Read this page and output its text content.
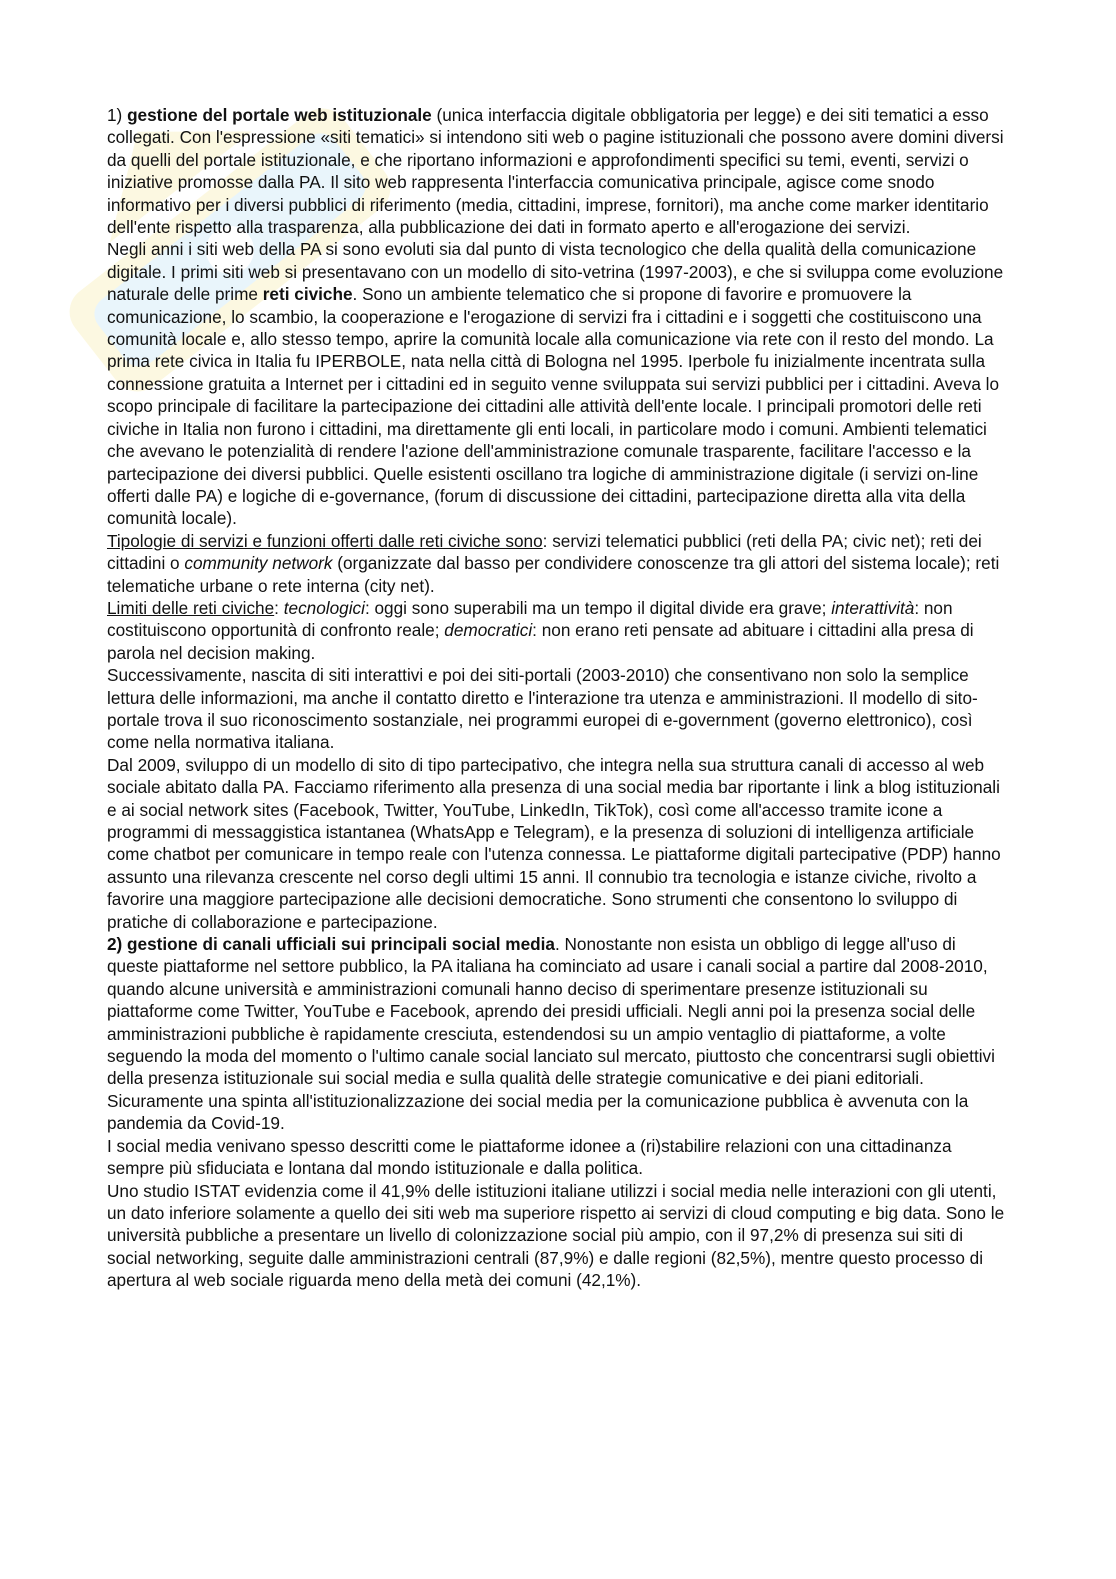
1) gestione del portale web istituzionale (unica interfaccia digitale obbligatoria per legge) e dei siti tematici a esso collegati. Con l'espressione «siti tematici» si intendono siti web o pagine istituzionali che possono avere domini diversi da quelli del portale istituzionale, e che riportano informazioni e approfondimenti specifici su temi, eventi, servizi o iniziative promosse dalla PA. Il sito web rappresenta l'interfaccia comunicativa principale, agisce come snodo informativo per i diversi pubblici di riferimento (media, cittadini, imprese, fornitori), ma anche come marker identitario dell'ente rispetto alla trasparenza, alla pubblicazione dei dati in formato aperto e all'erogazione dei servizi.

Negli anni i siti web della PA si sono evoluti sia dal punto di vista tecnologico che della qualità della comunicazione digitale. I primi siti web si presentavano con un modello di sito-vetrina (1997-2003), e che si sviluppa come evoluzione naturale delle prime reti civiche. Sono un ambiente telematico che si propone di favorire e promuovere la comunicazione, lo scambio, la cooperazione e l'erogazione di servizi fra i cittadini e i soggetti che costituiscono una comunità locale e, allo stesso tempo, aprire la comunità locale alla comunicazione via rete con il resto del mondo. La prima rete civica in Italia fu IPERBOLE, nata nella città di Bologna nel 1995. Iperbole fu inizialmente incentrata sulla connessione gratuita a Internet per i cittadini ed in seguito venne sviluppata sui servizi pubblici per i cittadini. Aveva lo scopo principale di facilitare la partecipazione dei cittadini alle attività dell'ente locale. I principali promotori delle reti civiche in Italia non furono i cittadini, ma direttamente gli enti locali, in particolare modo i comuni. Ambienti telematici che avevano le potenzialità di rendere l'azione dell'amministrazione comunale trasparente, facilitare l'accesso e la partecipazione dei diversi pubblici. Quelle esistenti oscillano tra logiche di amministrazione digitale (i servizi on-line offerti dalle PA) e logiche di e-governance, (forum di discussione dei cittadini, partecipazione diretta alla vita della comunità locale).

Tipologie di servizi e funzioni offerti dalle reti civiche sono: servizi telematici pubblici (reti della PA; civic net); reti dei cittadini o community network (organizzate dal basso per condividere conoscenze tra gli attori del sistema locale); reti telematiche urbane o rete interna (city net).

Limiti delle reti civiche: tecnologici: oggi sono superabili ma un tempo il digital divide era grave; interattività: non costituiscono opportunità di confronto reale; democratici: non erano reti pensate ad abituare i cittadini alla presa di parola nel decision making.

Successivamente, nascita di siti interattivi e poi dei siti-portali (2003-2010) che consentivano non solo la semplice lettura delle informazioni, ma anche il contatto diretto e l'interazione tra utenza e amministrazioni. Il modello di sito-portale trova il suo riconoscimento sostanziale, nei programmi europei di e-government (governo elettronico), così come nella normativa italiana.

Dal 2009, sviluppo di un modello di sito di tipo partecipativo, che integra nella sua struttura canali di accesso al web sociale abitato dalla PA. Facciamo riferimento alla presenza di una social media bar riportante i link a blog istituzionali e ai social network sites (Facebook, Twitter, YouTube, LinkedIn, TikTok), così come all'accesso tramite icone a programmi di messaggistica istantanea (WhatsApp e Telegram), e la presenza di soluzioni di intelligenza artificiale come chatbot per comunicare in tempo reale con l'utenza connessa. Le piattaforme digitali partecipative (PDP) hanno assunto una rilevanza crescente nel corso degli ultimi 15 anni. Il connubio tra tecnologia e istanze civiche, rivolto a favorire una maggiore partecipazione alle decisioni democratiche. Sono strumenti che consentono lo sviluppo di pratiche di collaborazione e partecipazione.

2) gestione di canali ufficiali sui principali social media. Nonostante non esista un obbligo di legge all'uso di queste piattaforme nel settore pubblico, la PA italiana ha cominciato ad usare i canali social a partire dal 2008-2010, quando alcune università e amministrazioni comunali hanno deciso di sperimentare presenze istituzionali su piattaforme come Twitter, YouTube e Facebook, aprendo dei presidi ufficiali. Negli anni poi la presenza social delle amministrazioni pubbliche è rapidamente cresciuta, estendendosi su un ampio ventaglio di piattaforme, a volte seguendo la moda del momento o l'ultimo canale social lanciato sul mercato, piuttosto che concentrarsi sugli obiettivi della presenza istituzionale sui social media e sulla qualità delle strategie comunicative e dei piani editoriali. Sicuramente una spinta all'istituzionalizzazione dei social media per la comunicazione pubblica è avvenuta con la pandemia da Covid-19.

I social media venivano spesso descritti come le piattaforme idonee a (ri)stabilire relazioni con una cittadinanza sempre più sfiduciata e lontana dal mondo istituzionale e dalla politica.

Uno studio ISTAT evidenzia come il 41,9% delle istituzioni italiane utilizzi i social media nelle interazioni con gli utenti, un dato inferiore solamente a quello dei siti web ma superiore rispetto ai servizi di cloud computing e big data. Sono le università pubbliche a presentare un livello di colonizzazione social più ampio, con il 97,2% di presenza sui siti di social networking, seguite dalle amministrazioni centrali (87,9%) e dalle regioni (82,5%), mentre questo processo di apertura al web sociale riguarda meno della metà dei comuni (42,1%).
